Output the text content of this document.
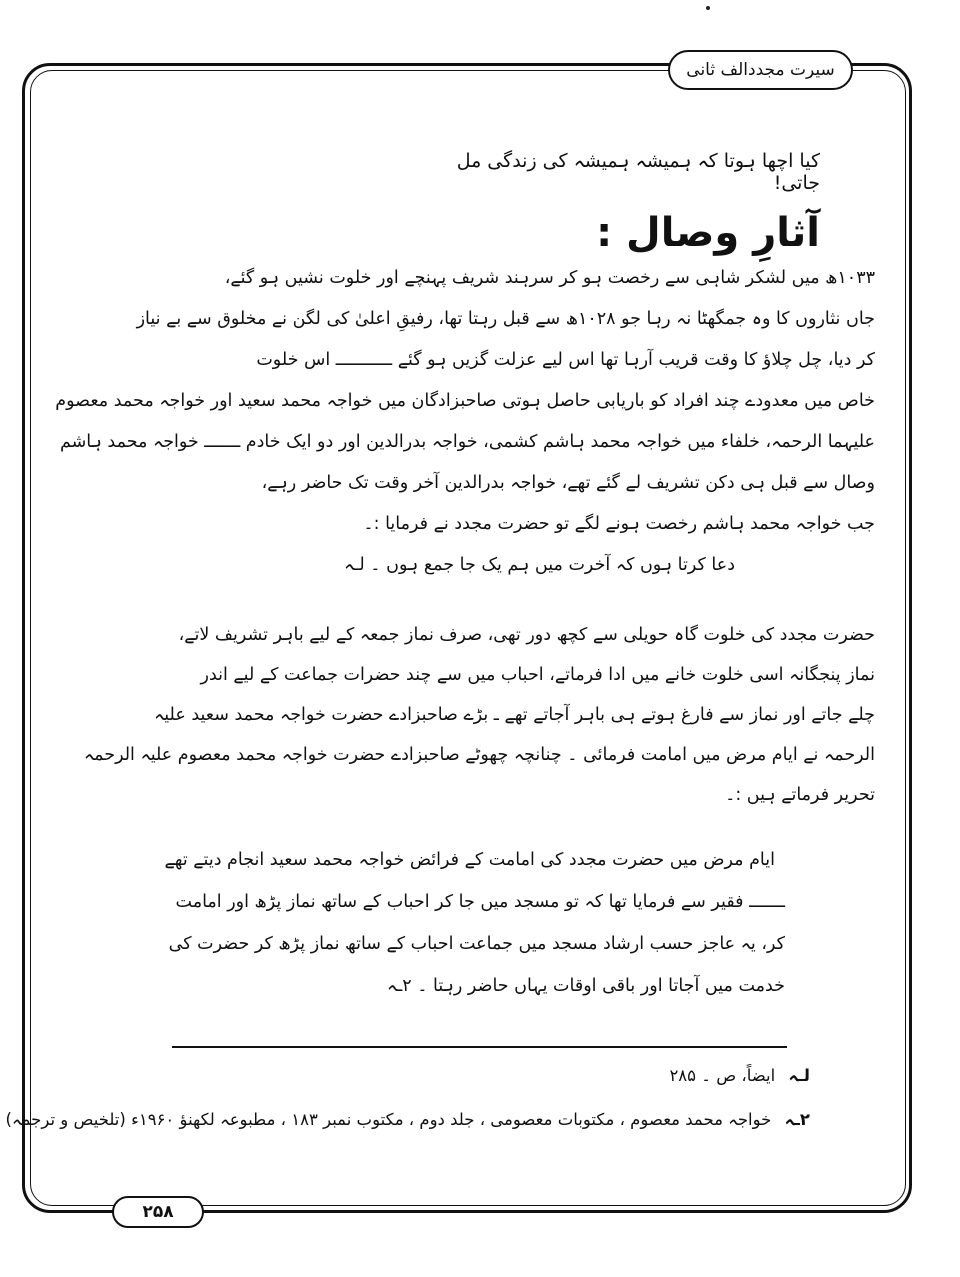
سیرت مجددالف ثانی
کیا اچھا ہوتا کہ ہمیشہ ہمیشہ کی زندگی مل جاتی!
آثارِ وصال :
۱۰۳۳ھ میں لشکر شاہی سے رخصت ہو کر سرہند شریف پہنچے اور خلوت نشیں ہو گئے،
جاں نثاروں کا وہ جمگھٹا نہ رہا جو ۱۰۲۸ھ سے قبل رہتا تھا، رفیقِ اعلیٰ کی لگن نے مخلوق سے بے نیاز
کر دیا، چل چلاؤ کا وقت قریب آرہا تھا اس لیے عزلت گزیں ہو گئے ـــــــــــ اس خلوت
خاص میں معدودے چند افراد کو باریابی حاصل ہوتی صاحبزادگان میں خواجہ محمد سعید اور خواجہ محمد معصوم
علیہما الرحمہ، خلفاء میں خواجہ محمد ہاشم کشمی، خواجہ بدرالدین اور دو ایک خادم ـــــــ خواجہ محمد ہاشم
وصال سے قبل ہی دکن تشریف لے گئے تھے، خواجہ بدرالدین آخر وقت تک حاضر رہے،
جب خواجہ محمد ہاشم رخصت ہونے لگے تو حضرت مجدد نے فرمایا :۔
دعا کرتا ہوں کہ آخرت میں ہم یک جا جمع ہوں ۔ لـہ
حضرت مجدد کی خلوت گاہ حویلی سے کچھ دور تھی، صرف نماز جمعہ کے لیے باہر تشریف لاتے،
نماز پنجگانہ اسی خلوت خانے میں ادا فرماتے، احباب میں سے چند حضرات جماعت کے لیے اندر
چلے جاتے اور نماز سے فارغ ہوتے ہی باہر آجاتے تھے ـ بڑے صاحبزادے حضرت خواجہ محمد سعید علیہ
الرحمہ نے ایام مرض میں امامت فرمائی ۔ چنانچہ چھوٹے صاحبزادے حضرت خواجہ محمد معصوم علیہ الرحمہ
تحریر فرماتے ہیں :۔
ایام مرض میں حضرت مجدد کی امامت کے فرائض خواجہ محمد سعید انجام دیتے تھے
ـــــــ فقیر سے فرمایا تھا کہ تو مسجد میں جا کر احباب کے ساتھ نماز پڑھ اور امامت
کر، یہ عاجز حسب ارشاد مسجد میں جماعت احباب کے ساتھ نماز پڑھ کر حضرت کی
خدمت میں آجاتا اور باقی اوقات یہاں حاضر رہتا ۔ ۲ـہ
لـہ ایضاً، ص ۔ ۲۸۵
۲ـہ خواجہ محمد معصوم ، مکتوبات معصومی ، جلد دوم ، مکتوب نمبر ۱۸۳ ، مطبوعہ لکھنؤ ۱۹۶۰ء (تلخیص و ترجمہ)
۲۵۸
